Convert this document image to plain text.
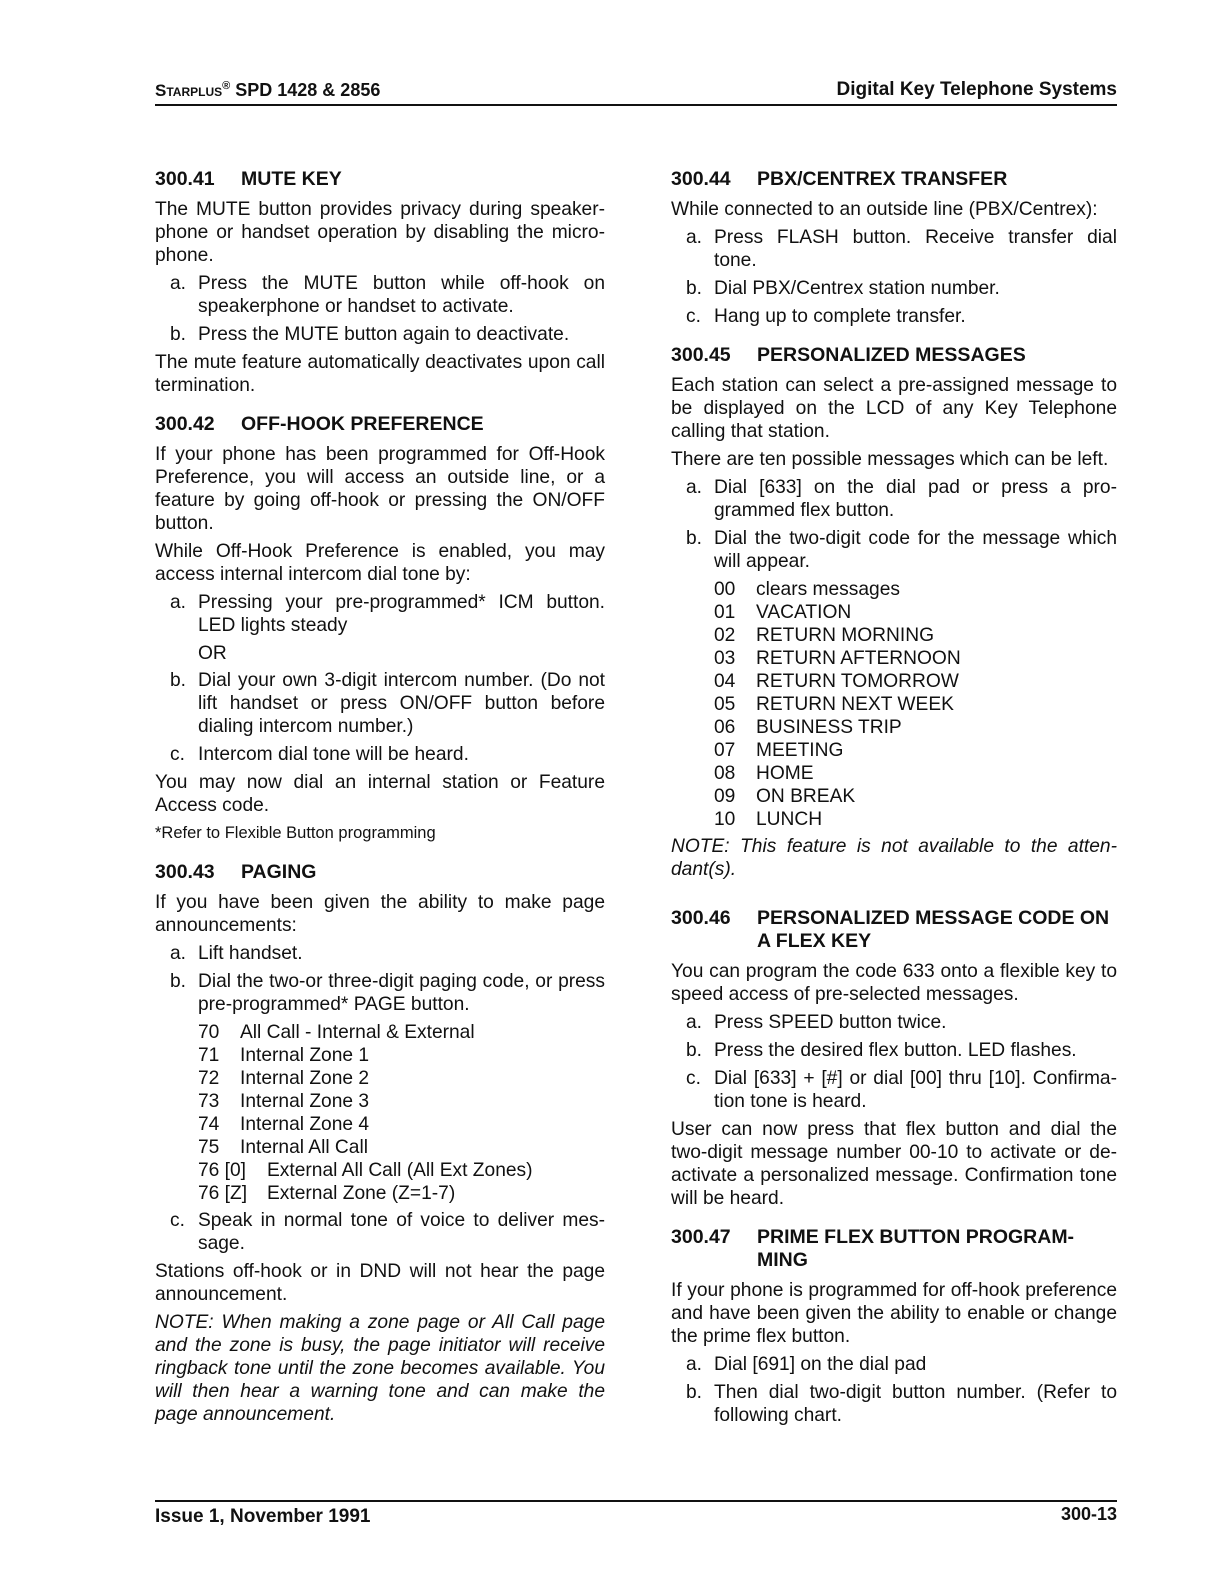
Starplus® SPD 1428 & 2856	Digital Key Telephone Systems
300.41	MUTE KEY

The MUTE button provides privacy during speaker-phone or handset operation by disabling the micro-phone.

a. Press the MUTE button while off-hook on speakerphone or handset to activate.
b. Press the MUTE button again to deactivate.

The mute feature automatically deactivates upon call termination.

300.42	OFF-HOOK PREFERENCE

If your phone has been programmed for Off-Hook Preference, you will access an outside line, or a feature by going off-hook or pressing the ON/OFF button.

While Off-Hook Preference is enabled, you may access internal intercom dial tone by:

a. Pressing your pre-programmed* ICM button. LED lights steady
OR
b. Dial your own 3-digit intercom number. (Do not lift handset or press ON/OFF button before dialing intercom number.)
c. Intercom dial tone will be heard.

You may now dial an internal station or Feature Access code.

*Refer to Flexible Button programming

300.43	PAGING

If you have been given the ability to make page announcements:

a. Lift handset.
b. Dial the two-or three-digit paging code, or press pre-programmed* PAGE button.
70	All Call - Internal & External
71	Internal Zone 1
72	Internal Zone 2
73	Internal Zone 3
74	Internal Zone 4
75	Internal All Call
76 [0]	External All Call (All Ext Zones)
76 [Z]	External Zone (Z=1-7)
c. Speak in normal tone of voice to deliver mes-sage.

Stations off-hook or in DND will not hear the page announcement.

NOTE: When making a zone page or All Call page and the zone is busy, the page initiator will receive ringback tone until the zone becomes available. You will then hear a warning tone and can make the page announcement.

300.44	PBX/CENTREX TRANSFER

While connected to an outside line (PBX/Centrex):

a. Press FLASH button. Receive transfer dial tone.
b. Dial PBX/Centrex station number.
c. Hang up to complete transfer.
300.45	PERSONALIZED MESSAGES

Each station can select a pre-assigned message to be displayed on the LCD of any Key Telephone calling that station.

There are ten possible messages which can be left.

a. Dial [633] on the dial pad or press a pro-grammed flex button.
b. Dial the two-digit code for the message which will appear.
00	clears messages
01	VACATION
02	RETURN MORNING
03	RETURN AFTERNOON
04	RETURN TOMORROW
05	RETURN NEXT WEEK
06	BUSINESS TRIP
07	MEETING
08	HOME
09	ON BREAK
10	LUNCH

NOTE: This feature is not available to the atten-dant(s).

300.46	PERSONALIZED MESSAGE CODE ON A FLEX KEY

You can program the code 633 onto a flexible key to speed access of pre-selected messages.

a. Press SPEED button twice.
b. Press the desired flex button. LED flashes.
c. Dial [633] + [#] or dial [00] thru [10]. Confirma-tion tone is heard.

User can now press that flex button and dial the two-digit message number 00-10 to activate or de-activate a personalized message. Confirmation tone will be heard.

300.47	PRIME FLEX BUTTON PROGRAM-MING

If your phone is programmed for off-hook preference and have been given the ability to enable or change the prime flex button.

a. Dial [691] on the dial pad
b. Then dial two-digit button number. (Refer to following chart.
Issue 1, November 1991	300-13
